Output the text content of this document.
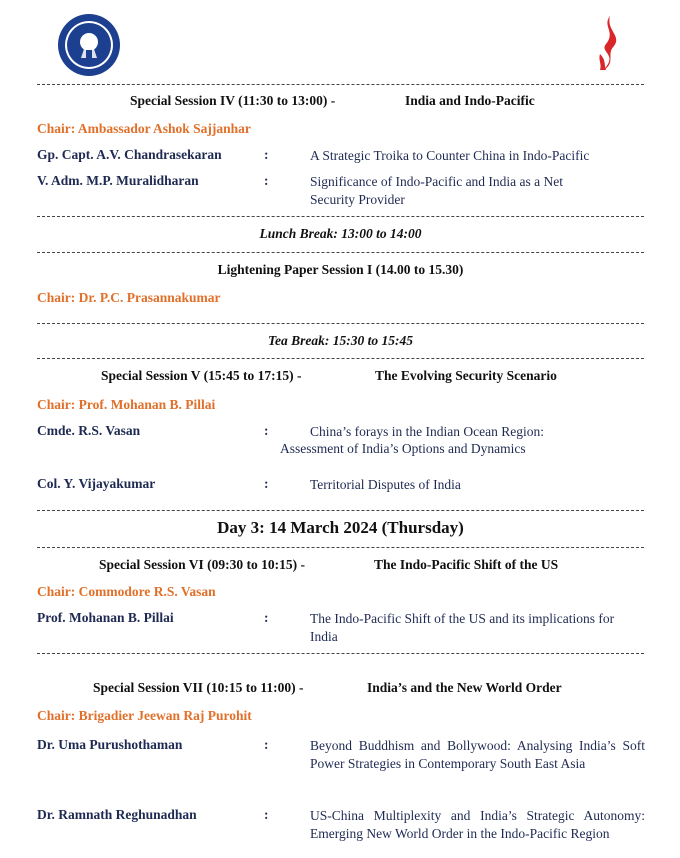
Special Session IV (11:30 to 13:00) -	India and Indo-Pacific
Chair: Ambassador Ashok Sajjanhar
Gp. Capt. A.V. Chandrasekaran	:	A Strategic Troika to Counter China in Indo-Pacific
V. Adm. M.P. Muralidharan	:	Significance of Indo-Pacific and India as a Net Security Provider
Lunch Break: 13:00 to 14:00
Lightening Paper Session I (14.00 to 15.30)
Chair: Dr. P.C. Prasannakumar
Tea Break: 15:30 to 15:45
Special Session V (15:45 to 17:15) -	The Evolving Security Scenario
Chair: Prof. Mohanan B. Pillai
Cmde. R.S. Vasan	:	China’s forays in the Indian Ocean Region:
Assessment of India’s Options and Dynamics
Col. Y. Vijayakumar	:	Territorial Disputes of India
Day 3: 14 March 2024 (Thursday)
Special Session VI (09:30 to 10:15) -	The Indo-Pacific Shift of the US
Chair: Commodore R.S. Vasan
Prof. Mohanan B. Pillai	:	The Indo-Pacific Shift of the US and its implications for India
Special Session VII (10:15 to 11:00) -	India’s and the New World Order
Chair: Brigadier Jeewan Raj Purohit
Dr. Uma Purushothaman	:	Beyond Buddhism and Bollywood: Analysing India’s Soft Power Strategies in Contemporary South East Asia
Dr. Ramnath Reghunadhan	:	US-China Multiplexity and India’s Strategic Autonomy: Emerging New World Order in the Indo-Pacific Region
